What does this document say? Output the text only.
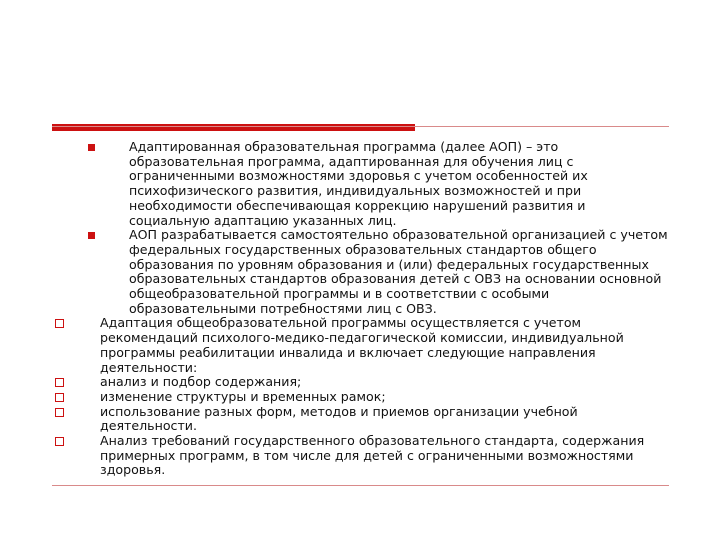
Адаптированная образовательная программа (далее АОП) – это образовательная программа, адаптированная для обучения лиц с ограниченными возможностями здоровья с учетом особенностей их психофизического развития, индивидуальных возможностей и при необходимости обеспечивающая коррекцию нарушений развития и социальную адаптацию указанных лиц.
АОП разрабатывается самостоятельно образовательной организацией с учетом федеральных государственных образовательных стандартов общего образования по уровням образования и (или) федеральных государственных образовательных стандартов образования детей с ОВЗ на основании основной общеобразовательной программы и в соответствии с особыми образовательными потребностями лиц с ОВЗ.
Адаптация общеобразовательной программы осуществляется с учетом рекомендаций психолого-медико-педагогической комиссии, индивидуальной программы реабилитации инвалида и включает следующие направления деятельности:
анализ и подбор содержания;
изменение структуры и временных рамок;
использование разных форм, методов и приемов организации учебной деятельности.
Анализ требований государственного образовательного стандарта, содержания примерных программ, в том числе для детей с ограниченными возможностями здоровья.
